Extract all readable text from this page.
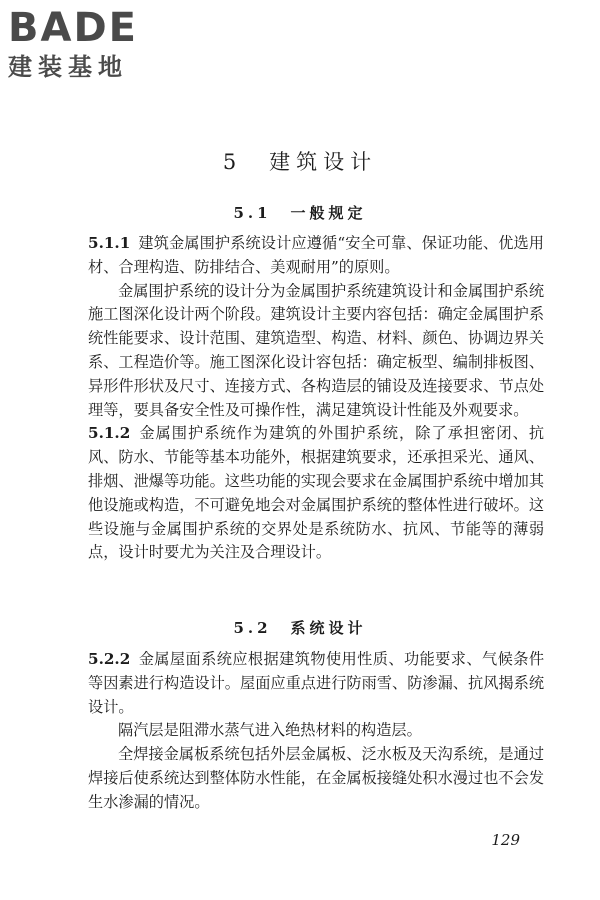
BADE
建装基地
5　建筑设计
5.1　一般规定

5.1.1 建筑金属围护系统设计应遵循“安全可靠、保证功能、优选用材、合理构造、防排结合、美观耐用”的原则。

金属围护系统的设计分为金属围护系统建筑设计和金属围护系统施工图深化设计两个阶段。建筑设计主要内容包括：确定金属围护系统性能要求、设计范围、建筑造型、构造、材料、颜色、协调边界关系、工程造价等。施工图深化设计容包括：确定板型、编制排板图、异形件形状及尺寸、连接方式、各构造层的铺设及连接要求、节点处理等，要具备安全性及可操作性，满足建筑设计性能及外观要求。

5.1.2 金属围护系统作为建筑的外围护系统，除了承担密闭、抗风、防水、节能等基本功能外，根据建筑要求，还承担采光、通风、排烟、泄爆等功能。这些功能的实现会要求在金属围护系统中增加其他设施或构造，不可避免地会对金属围护系统的整体性进行破坏。这些设施与金属围护系统的交界处是系统防水、抗风、节能等的薄弱点，设计时要尤为关注及合理设计。

5.2　系统设计

5.2.2 金属屋面系统应根据建筑物使用性质、功能要求、气候条件等因素进行构造设计。屋面应重点进行防雨雪、防渗漏、抗风揭系统设计。

隔汽层是阻滞水蒸气进入绝热材料的构造层。

全焊接金属板系统包括外层金属板、泛水板及天沟系统，是通过焊接后使系统达到整体防水性能，在金属板接缝处积水漫过也不会发生水渗漏的情况。

129
